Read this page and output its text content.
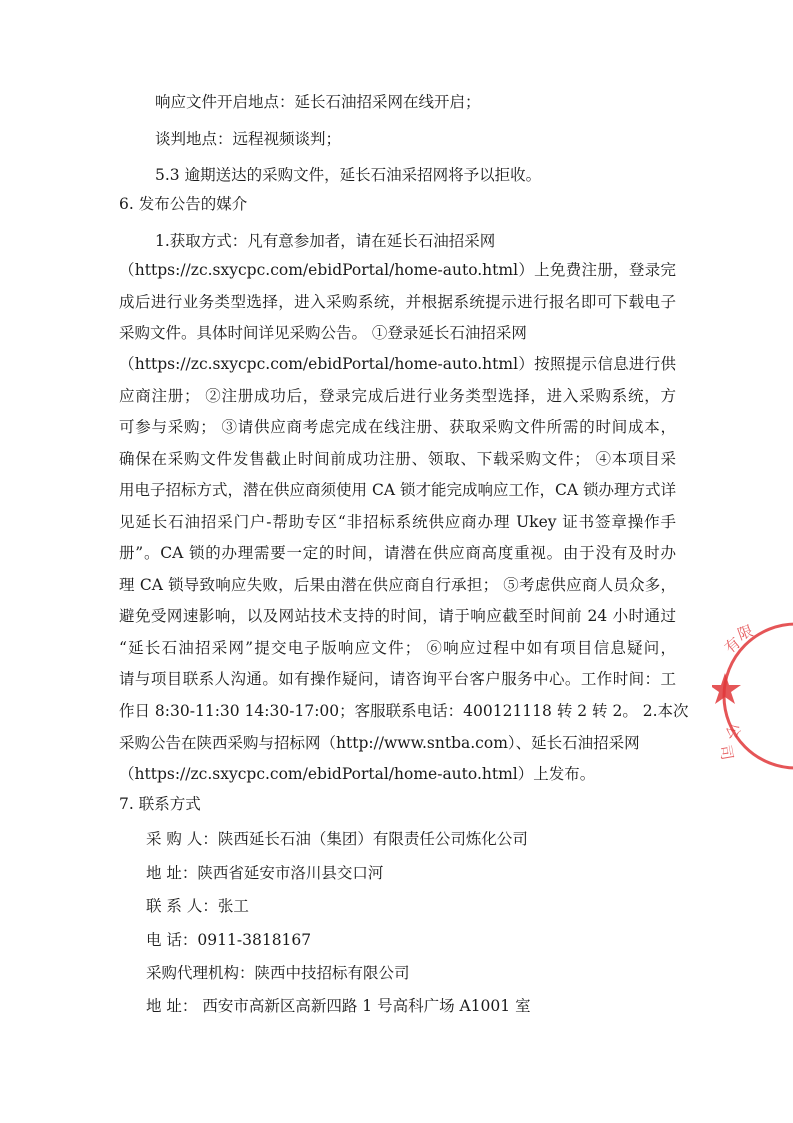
响应文件开启地点：延长石油招采网在线开启；
谈判地点：远程视频谈判；
5.3 逾期送达的采购文件，延长石油采招网将予以拒收。
6. 发布公告的媒介
1.获取方式：凡有意参加者，请在延长石油招采网
（https://zc.sxycpc.com/ebidPortal/home-auto.html）上免费注册，登录完
成后进行业务类型选择，进入采购系统，并根据系统提示进行报名即可下载电子
采购文件。具体时间详见采购公告。 ①登录延长石油招采网
（https://zc.sxycpc.com/ebidPortal/home-auto.html）按照提示信息进行供
应商注册； ②注册成功后，登录完成后进行业务类型选择，进入采购系统，方
可参与采购； ③请供应商考虑完成在线注册、获取采购文件所需的时间成本，
确保在采购文件发售截止时间前成功注册、领取、下载采购文件； ④本项目采
用电子招标方式，潜在供应商须使用 CA 锁才能完成响应工作，CA 锁办理方式详
见延长石油招采门户-帮助专区“非招标系统供应商办理 Ukey 证书签章操作手
册”。CA 锁的办理需要一定的时间，请潜在供应商高度重视。由于没有及时办
理 CA 锁导致响应失败，后果由潜在供应商自行承担； ⑤考虑供应商人员众多，
避免受网速影响，以及网站技术支持的时间，请于响应截至时间前 24 小时通过
“延长石油招采网”提交电子版响应文件； ⑥响应过程中如有项目信息疑问，
请与项目联系人沟通。如有操作疑问，请咨询平台客户服务中心。工作时间：工
作日 8:30-11:30 14:30-17:00；客服联系电话：400121118 转 2 转 2。 2.本次
采购公告在陕西采购与招标网（http://www.sntba.com）、延长石油招采网
（https://zc.sxycpc.com/ebidPortal/home-auto.html）上发布。
7. 联系方式
采 购 人：陕西延长石油（集团）有限责任公司炼化公司
地 址：陕西省延安市洛川县交口河
联 系 人：张工
电 话：0911-3818167
采购代理机构：陕西中技招标有限公司
地 址： 西安市高新区高新四路 1 号高科广场 A1001 室
有
限
公
司
